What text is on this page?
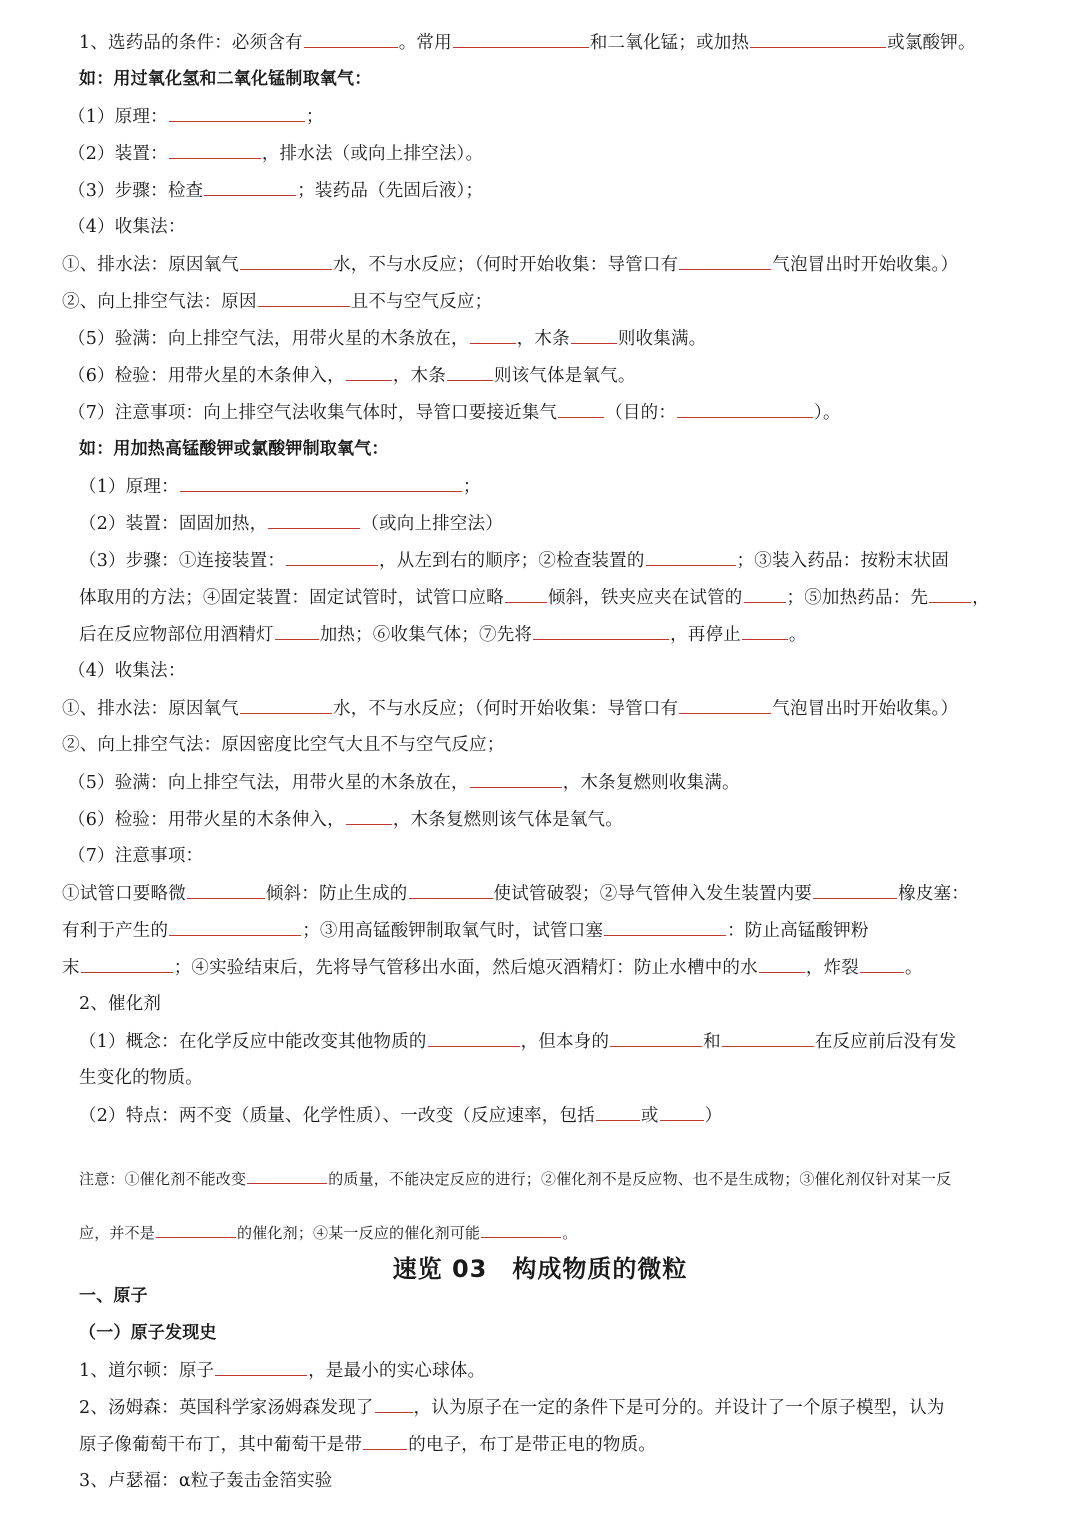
1、选药品的条件：必须含有	。常用	和二氧化锰；或加热	或氯酸钾。
如：用过氧化氢和二氧化锰制取氧气：
（1）原理：	；
（2）装置：	，排水法（或向上排空法）。
（3）步骤：检查	；装药品（先固后液）；
（4）收集法：
①、排水法：原因氧气	水，不与水反应；（何时开始收集：导管口有	气泡冒出时开始收集。）
②、向上排空气法：原因	且不与空气反应；
（5）验满：向上排空气法，用带火星的木条放在，	，木条	则收集满。
（6）检验：用带火星的木条伸入，	，木条	则该气体是氧气。
（7）注意事项：向上排空气法收集气体时，导管口要接近集气	（目的：	）。
如：用加热高锰酸钾或氯酸钾制取氧气：
（1）原理：	；
（2）装置：固固加热，	（或向上排空法）
（3）步骤：①连接装置：	，从左到右的顺序；②检查装置的	；③装入药品：按粉末状固
体取用的方法；④固定装置：固定试管时，试管口应略	倾斜，铁夹应夹在试管的	；⑤加热药品：先	，
后在反应物部位用酒精灯	加热；⑥收集气体；⑦先将	，再停止	。
（4）收集法：
①、排水法：原因氧气	水，不与水反应；（何时开始收集：导管口有	气泡冒出时开始收集。）
②、向上排空气法：原因密度比空气大且不与空气反应；
（5）验满：向上排空气法，用带火星的木条放在，	，木条复燃则收集满。
（6）检验：用带火星的木条伸入，	，木条复燃则该气体是氧气。
（7）注意事项：
①试管口要略微	倾斜：防止生成的	使试管破裂；②导气管伸入发生装置内要	橡皮塞：
有利于产生的	；③用高锰酸钾制取氧气时，试管口塞	：防止高锰酸钾粉
末	；④实验结束后，先将导气管移出水面，然后熄灭酒精灯：防止水槽中的水	，炸裂	。
2、催化剂
（1）概念：在化学反应中能改变其他物质的	，但本身的	和	在反应前后没有发
生变化的物质。
（2）特点：两不变（质量、化学性质）、一改变（反应速率，包括	或	）
注意：①催化剂不能改变	的质量，不能决定反应的进行；②催化剂不是反应物、也不是生成物；③催化剂仅针对某一反
应，并不是	的催化剂；④某一反应的催化剂可能	。
速览 03　构成物质的微粒
一、原子
（一）原子发现史
1、道尔顿：原子	，是最小的实心球体。
2、汤姆森：英国科学家汤姆森发现了 ，认为原子在一定的条件下是可分的。并设计了一个原子模型，认为
原子像葡萄干布丁，其中葡萄干是带	的电子，布丁是带正电的物质。
3、卢瑟福：α粒子轰击金箔实验
